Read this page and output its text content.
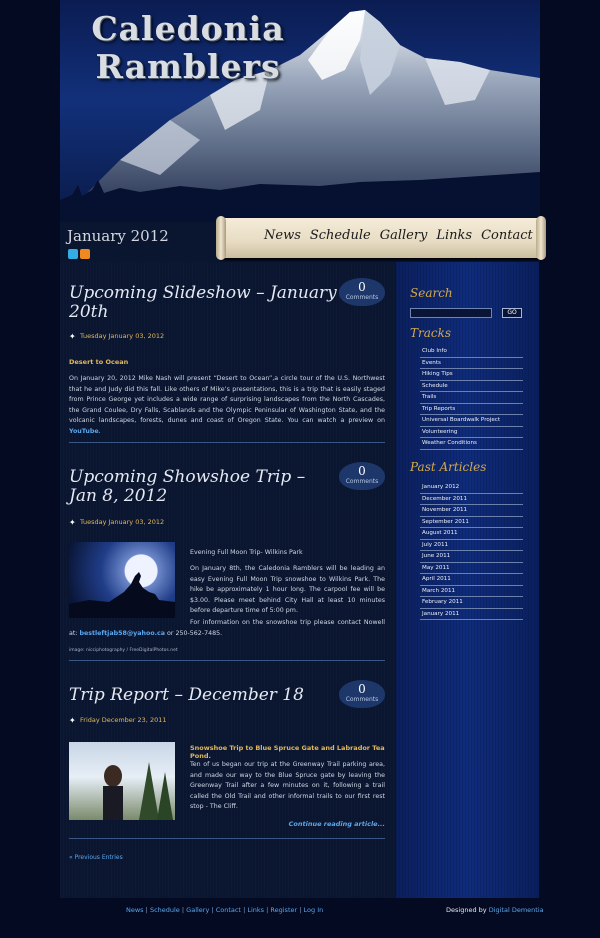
Caledonia
Ramblers
January 2012	News Schedule Gallery Links Contact
Upcoming Slideshow – January 20th
0
Comments
✦ Tuesday January 03, 2012
Desert to Ocean
On January 20, 2012 Mike Nash will present “Desert to Ocean”,a circle tour of the U.S. Northwest that he and Judy did this fall. Like others of Mike’s presentations, this is a trip that is easily staged from Prince George yet includes a wide range of surprising landscapes from the North Cascades, the Grand Coulee, Dry Falls, Scablands and the Olympic Peninsular of Washington State, and the volcanic landscapes, forests, dunes and coast of Oregon State. You can watch a preview on YouTube.
Upcoming Showshoe Trip – Jan 8, 2012
0
Comments
✦ Tuesday January 03, 2012
Evening Full Moon Trip- Wilkins Park
On January 8th, the Caledonia Ramblers will be leading an easy Evening Full Moon Trip snowshoe to Wilkins Park. The hike be approximately 1 hour long. The carpool fee will be $3.00. Please meet behind City Hall at least 10 minutes before departure time of 5:00 pm.
For information on the snowshoe trip please contact Nowell at: bestleftjab58@yahoo.ca or 250-562-7485.
image: nicciphotography / FreeDigitalPhotos.net
Trip Report – December 18	0
Comments
✦ Friday December 23, 2011
Snowshoe Trip to Blue Spruce Gate and Labrador Tea Pond.
Ten of us began our trip at the Greenway Trail parking area, and made our way to the Blue Spruce gate by leaving the Greenway Trail after a few minutes on it, following a trail called the Old Trail and other informal trails to our first rest stop - The Cliff.
Continue reading article...
« Previous Entries
Search
GO
Tracks
Club Info
Events
Hiking Tips
Schedule
Trails
Trip Reports
Universal Boardwalk Project
Volunteering
Weather Conditions
Past Articles
January 2012
December 2011
November 2011
September 2011
August 2011
July 2011
June 2011
May 2011
April 2011
March 2011
February 2011
January 2011
News | Schedule | Gallery | Contact | Links | Register | Log In	Designed by Digital Dementia
